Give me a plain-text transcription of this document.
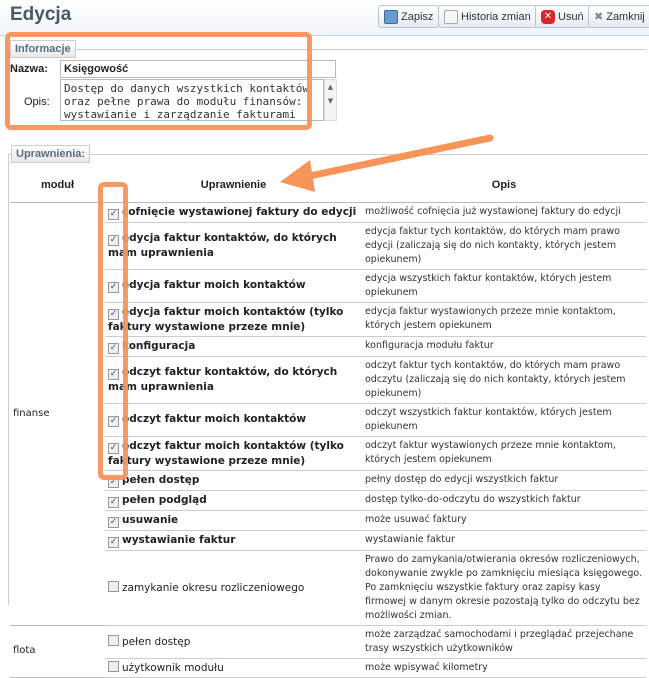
Edycja	Zapisz	Historia zmian ✕ Usuń ✖ Zamknij
Informacje
Nazwa:	Księgowość
Opis:
Dostęp do danych wszystkich kontaktów oraz pełne prawa do modułu finansów: wystawianie i zarządzanie fakturami
▲
▼
Uprawnienia:
moduł	Uprawnienie	Opis
finanse	✓ cofnięcie wystawionej faktury do edycji	możliwość cofnięcia już wystawionej faktury do edycji
	✓ edycja faktur kontaktów, do których mam uprawnienia	edycja faktur tych kontaktów, do których mam prawo edycji (zaliczają się do nich kontakty, których jestem opiekunem)
	✓ edycja faktur moich kontaktów	edycja wszystkich faktur kontaktów, których jestem opiekunem
	✓ edycja faktur moich kontaktów (tylko faktury wystawione przeze mnie)	edycja faktur wystawionych przeze mnie kontaktom, których jestem opiekunem
	✓ konfiguracja	konfiguracja modułu faktur
	✓ odczyt faktur kontaktów, do których mam uprawnienia	odczyt faktur tych kontaktów, do których mam prawo odczytu (zaliczają się do nich kontakty, których jestem opiekunem)
	✓ odczyt faktur moich kontaktów	odczyt wszystkich faktur kontaktów, których jestem opiekunem
	✓ odczyt faktur moich kontaktów (tylko faktury wystawione przeze mnie)	odczyt faktur wystawionych przeze mnie kontaktom, których jestem opiekunem
	✓ pełen dostęp	pełny dostęp do edycji wszystkich faktur
	✓ pełen podgląd	dostęp tylko-do-odczytu do wszystkich faktur
	✓ usuwanie	może usuwać faktury
	✓ wystawianie faktur	wystawianie faktur
	zamykanie okresu rozliczeniowego	Prawo do zamykania/otwierania okresów rozliczeniowych, dokonywanie zwykle po zamknięciu miesiąca księgowego. Po zamknięciu wszystkie faktury oraz zapisy kasy firmowej w danym okresie pozostają tylko do odczytu bez możliwości zmian.
flota	pełen dostęp	może zarządzać samochodami i przeglądać przejechane trasy wszystkich użytkowników
	użytkownik modułu	może wpisywać kilometry
